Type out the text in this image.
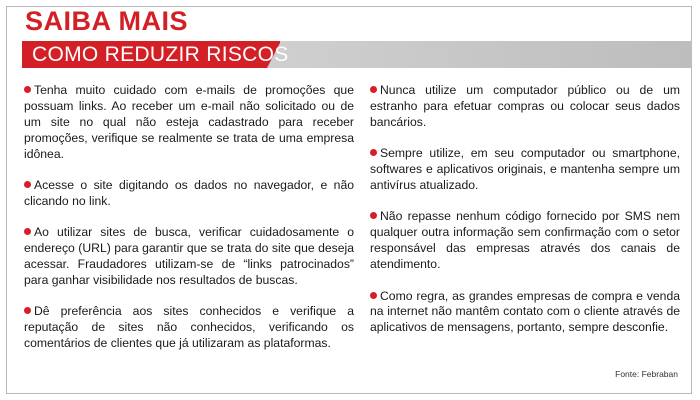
SAIBA MAIS
COMO REDUZIR RISCOS

Tenha muito cuidado com e-mails de promoções que possuam links. Ao receber um e-mail não solicitado ou de um site no qual não esteja cadastrado para receber promoções, verifique se realmente se trata de uma empresa idônea.

Acesse o site digitando os dados no navegador, e não clicando no link.

Ao utilizar sites de busca, verificar cuidadosamente o endereço (URL) para garantir que se trata do site que deseja acessar. Fraudadores utilizam-se de “links patrocinados” para ganhar visibilidade nos resultados de buscas.

Dê preferência aos sites conhecidos e verifique a reputação de sites não conhecidos, verificando os comentários de clientes que já utilizaram as plataformas.

Nunca utilize um computador público ou de um estranho para efetuar compras ou colocar seus dados bancários.

Sempre utilize, em seu computador ou smartphone, softwares e aplicativos originais, e mantenha sempre um antivírus atualizado.

Não repasse nenhum código fornecido por SMS nem qualquer outra informação sem confirmação com o setor responsável das empresas através dos canais de atendimento.

Como regra, as grandes empresas de compra e venda na internet não mantêm contato com o cliente através de aplicativos de mensagens, portanto, sempre desconfie.

Fonte: Febraban
